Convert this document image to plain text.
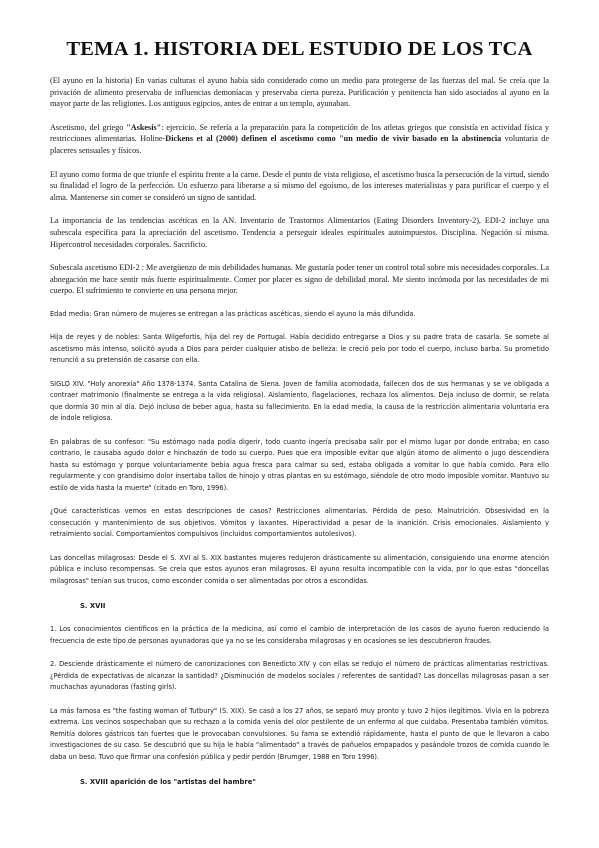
TEMA 1. HISTORIA DEL ESTUDIO DE LOS TCA

(El ayuno en la historia) En varias culturas el ayuno había sido considerado como un medio para protegerse de las fuerzas del mal. Se creía que la privación de alimento preservaba de influencias demoníacas y preservaba cierta pureza. Purificación y penitencia han sido asociados al ayuno en la mayor parte de las religiones. Los antiguos egipcios, antes de entrar a un templo, ayunaban.

Ascetismo, del griego "Askesis": ejercicio. Se refería a la preparación para la competición de los atletas griegos que consistía en actividad física y restricciones alimentarias. Holine-Dickens et al (2000) definen el ascetismo como "un medio de vivir basado en la abstinencia voluntaria de placeres sensuales y físicos.

El ayuno como forma de que triunfe el espíritu frente a la carne. Desde el punto de vista religioso, el ascetismo busca la persecución de la virtud, siendo su finalidad el logro de la perfección. Un esfuerzo para liberarse a sí mismo del egoísmo, de los intereses materialistas y para purificar el cuerpo y el alma. Mantenerse sin comer se consideró un signo de santidad.

La importancia de las tendencias ascéticas en la AN. Inventario de Trastornos Alimentarios (Eating Disorders Inventory-2), EDI-2 incluye una subescala específica para la apreciación del ascetismo. Tendencia a perseguir ideales espirituales autoimpuestos. Disciplina. Negación sí misma. Hipercontrol necesidades corporales. Sacrificio.

Subescala ascetismo EDI-2 : Me avergüenzo de mis debilidades humanas. Me gustaría poder tener un control total sobre mis necesidades corporales. La abnegación me hace sentir más fuerte espiritualmente. Comer por placer es signo de debilidad moral. Me siento incómoda por las necesidades de mi cuerpo. El sufrimiento te convierte en una persona mejor.

Edad media: Gran número de mujeres se entregan a las prácticas ascéticas, siendo el ayuno la más difundida.

Hija de reyes y de nobles: Santa Wilgefortis, hija del rey de Portugal. Había decidido entregarse a Dios y su padre trata de casarla. Se somete al ascetismo más intenso, solicitó ayuda a Dios para perder cualquier atisbo de belleza: le creció pelo por todo el cuerpo, incluso barba. Su prometido renunció a su pretensión de casarse con ella.

SIGLO XIV. "Holy anorexia" Año 1378-1374. Santa Catalina de Siena. Joven de familia acomodada, fallecen dos de sus hermanas y se ve obligada a contraer matrimonio (finalmente se entrega a la vida religiosa). Aislamiento, flagelaciones, rechaza los alimentos. Deja incluso de dormir, se relata que dormía 30 min al día. Dejó incluso de beber agua, hasta su fallecimiento. En la edad media, la causa de la restricción alimentaria voluntaria era de índole religiosa.

En palabras de su confesor: "Su estómago nada podía digerir, todo cuanto ingería precisaba salir por el mismo lugar por donde entraba; en caso contrario, le causaba agudo dolor e hinchazón de todo su cuerpo. Pues que era imposible evitar que algún átomo de alimento o jugo descendiera hasta su estómago y porque voluntariamente bebía agua fresca para calmar su sed, estaba obligada a vomitar lo que había comido. Para ello regularmente y con grandísimo dolor insertaba tallos de hinojo y otras plantas en su estómago, siéndole de otro modo imposible vomitar. Mantuvo su estilo de vida hasta la muerte" (citado en Toro, 1996).

¿Qué características vemos en estas descripciones de casos? Restricciones alimentarias. Pérdida de peso. Malnutrición. Obsesividad en la consecución y mantenimiento de sus objetivos. Vómitos y laxantes. Hiperactividad a pesar de la inanición. Crisis emocionales. Aislamiento y retraimiento social. Comportamientos compulsivos (incluidos comportamientos autolesivos).

Las doncellas milagrosas: Desde el S. XVI al S. XIX bastantes mujeres redujeron drásticamente su alimentación, consiguiendo una enorme atención pública e incluso recompensas. Se creía que estos ayunos eran milagrosos. El ayuno resulta incompatible con la vida, por lo que estas "doncellas milagrosas" tenían sus trucos, como esconder comida o ser alimentadas por otros a escondidas.

S. XVII

1. Los conocimientos científicos en la práctica de la medicina, así como el cambio de interpretación de los casos de ayuno fueron reduciendo la frecuencia de este tipo de personas ayunadoras que ya no se les consideraba milagrosas y en ocasiones se les descubrieron fraudes.

2. Desciende drásticamente el número de canonizaciones con Benedicto XIV y con ellas se redujo el número de prácticas alimentarias restrictivas. ¿Pérdida de expectativas de alcanzar la santidad? ¿Disminución de modelos sociales / referentes de santidad? Las doncellas milagrosas pasan a ser muchachas ayunadoras (fasting girls).

La más famosa es "the fasting woman of Tutbury" (S. XIX). Se casó a los 27 años, se separó muy pronto y tuvo 2 hijos ilegítimos. Vivía en la pobreza extrema. Los vecinos sospechaban que su rechazo a la comida venía del olor pestilente de un enfermo al que cuidaba. Presentaba también vómitos. Remitía dolores gástricos tan fuertes que le provocaban convulsiones. Su fama se extendió rápidamente, hasta el punto de que le llevaron a cabo investigaciones de su caso. Se descubrió que su hija le había "alimentado" a través de pañuelos empapados y pasándole trozos de comida cuando le daba un beso. Tuvo que firmar una confesión pública y pedir perdón (Brumger, 1988 en Toro 1996).

S. XVIII aparición de los "artistas del hambre"
